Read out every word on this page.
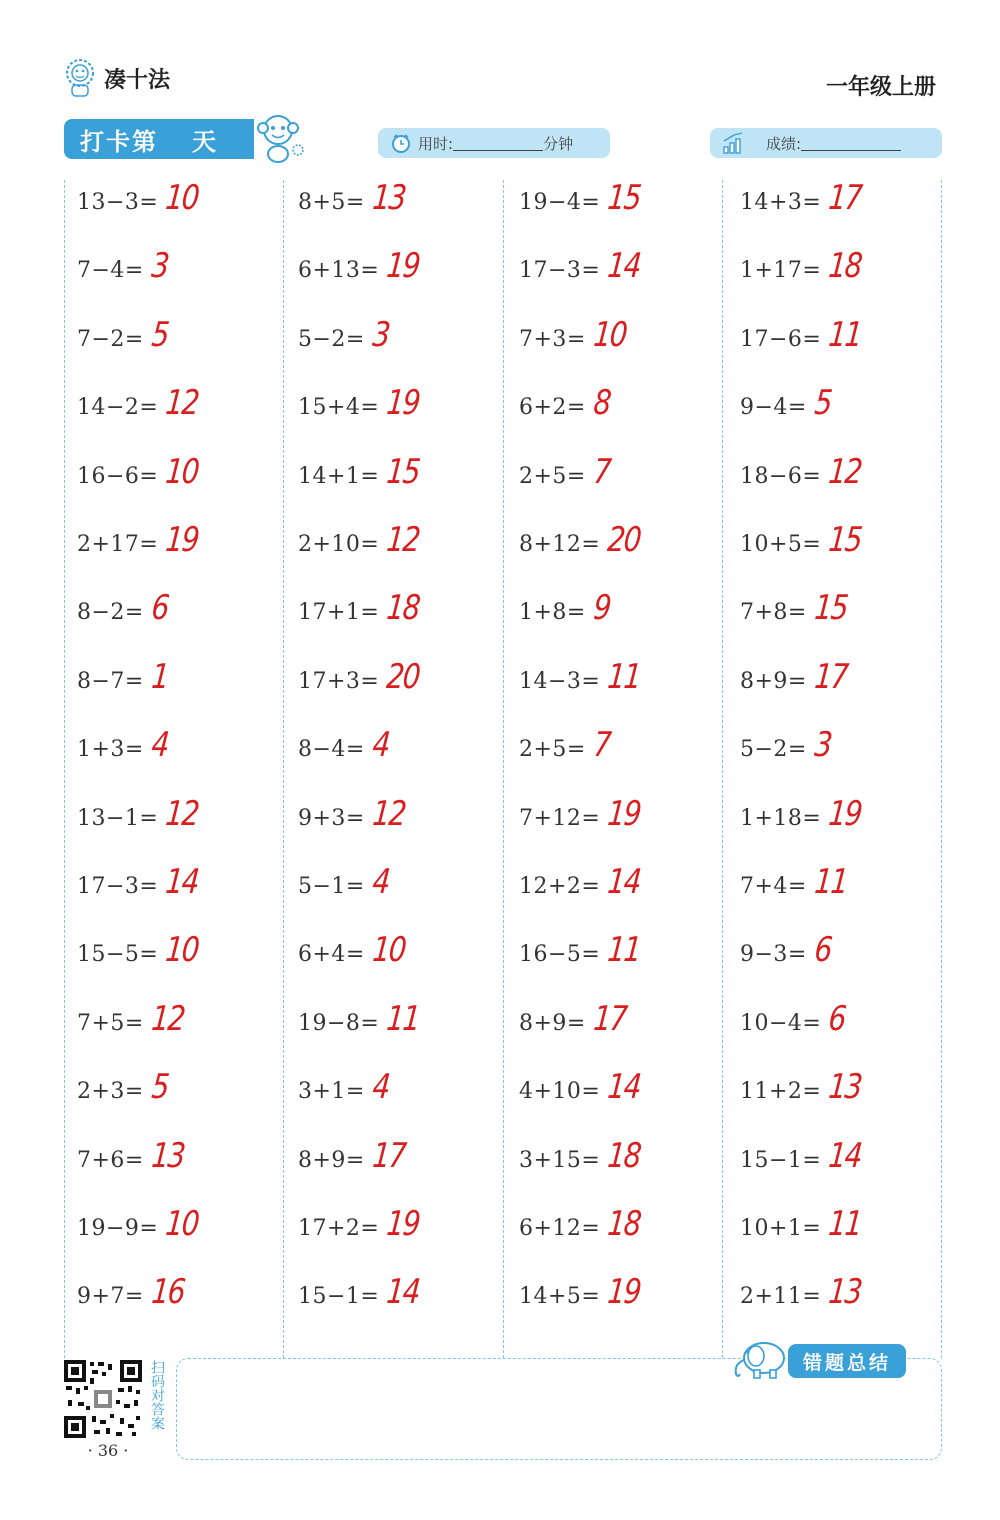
凑十法	一年级上册
打卡第 天	用时:	分钟	成绩:
13−3= 10
7−4= 3
7−2= 5
14−2= 12
16−6= 10
2+17= 19
8−2= 6
8−7= 1
1+3= 4
13−1= 12
17−3= 14
15−5= 10
7+5= 12
2+3= 5
7+6= 13
19−9= 10
9+7= 16
8+5= 13
6+13= 19
5−2= 3
15+4= 19
14+1= 15
2+10= 12
17+1= 18
17+3= 20
8−4= 4
9+3= 12
5−1= 4
6+4= 10
19−8= 11
3+1= 4
8+9= 17
17+2= 19
15−1= 14
19−4= 15
17−3= 14
7+3= 10
6+2= 8
2+5= 7
8+12= 20
1+8= 9
14−3= 11
2+5= 7
7+12= 19
12+2= 14
16−5= 11
8+9= 17
4+10= 14
3+15= 18
6+12= 18
14+5= 19
14+3= 17
1+17= 18
17−6= 11
9−4= 5
18−6= 12
10+5= 15
7+8= 15
8+9= 17
5−2= 3
1+18= 19
7+4= 11
9−3= 6
10−4= 6
11+2= 13
15−1= 14
10+1= 11
2+11= 13
扫码对答案
· 36 ·
错题总结
